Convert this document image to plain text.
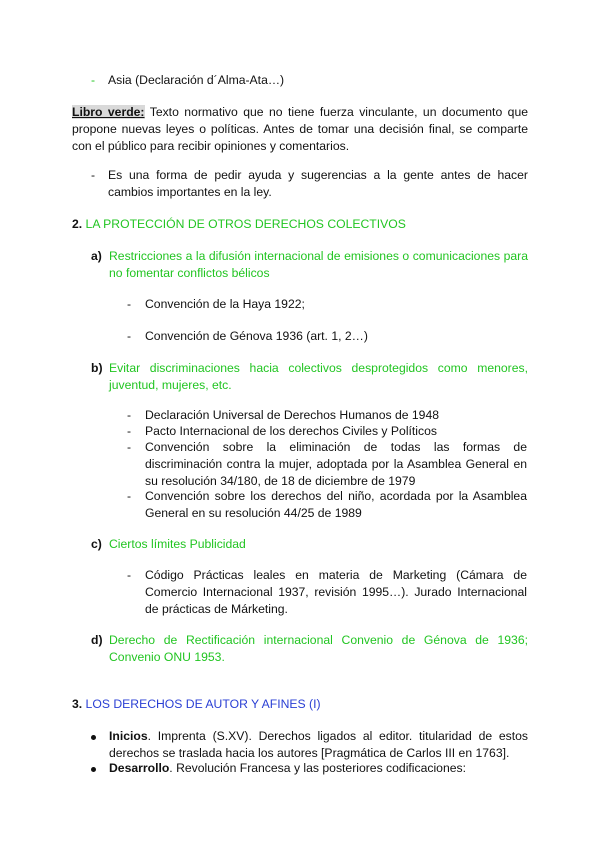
- Asia (Declaración d´Alma-Ata…)
Libro verde: Texto normativo que no tiene fuerza vinculante, un documento que propone nuevas leyes o políticas. Antes de tomar una decisión final, se comparte con el público para recibir opiniones y comentarios.
- Es una forma de pedir ayuda y sugerencias a la gente antes de hacer cambios importantes en la ley.
2. LA PROTECCIÓN DE OTROS DERECHOS COLECTIVOS
a) Restricciones a la difusión internacional de emisiones o comunicaciones para no fomentar conflictos bélicos
- Convención de la Haya 1922;
- Convención de Génova 1936 (art. 1, 2…)
b) Evitar discriminaciones hacia colectivos desprotegidos como menores, juventud, mujeres, etc.
- Declaración Universal de Derechos Humanos de 1948
- Pacto Internacional de los derechos Civiles y Políticos
- Convención sobre la eliminación de todas las formas de discriminación contra la mujer, adoptada por la Asamblea General en su resolución 34/180, de 18 de diciembre de 1979
- Convención sobre los derechos del niño, acordada por la Asamblea General en su resolución 44/25 de 1989
c) Ciertos límites Publicidad
- Código Prácticas leales en materia de Marketing (Cámara de Comercio Internacional 1937, revisión 1995…). Jurado Internacional de prácticas de Márketing.
d) Derecho de Rectificación internacional Convenio de Génova de 1936; Convenio ONU 1953.
3. LOS DERECHOS DE AUTOR Y AFINES (I)
Inicios. Imprenta (S.XV). Derechos ligados al editor. titularidad de estos derechos se traslada hacia los autores [Pragmática de Carlos III en 1763].
Desarrollo. Revolución Francesa y las posteriores codificaciones:
